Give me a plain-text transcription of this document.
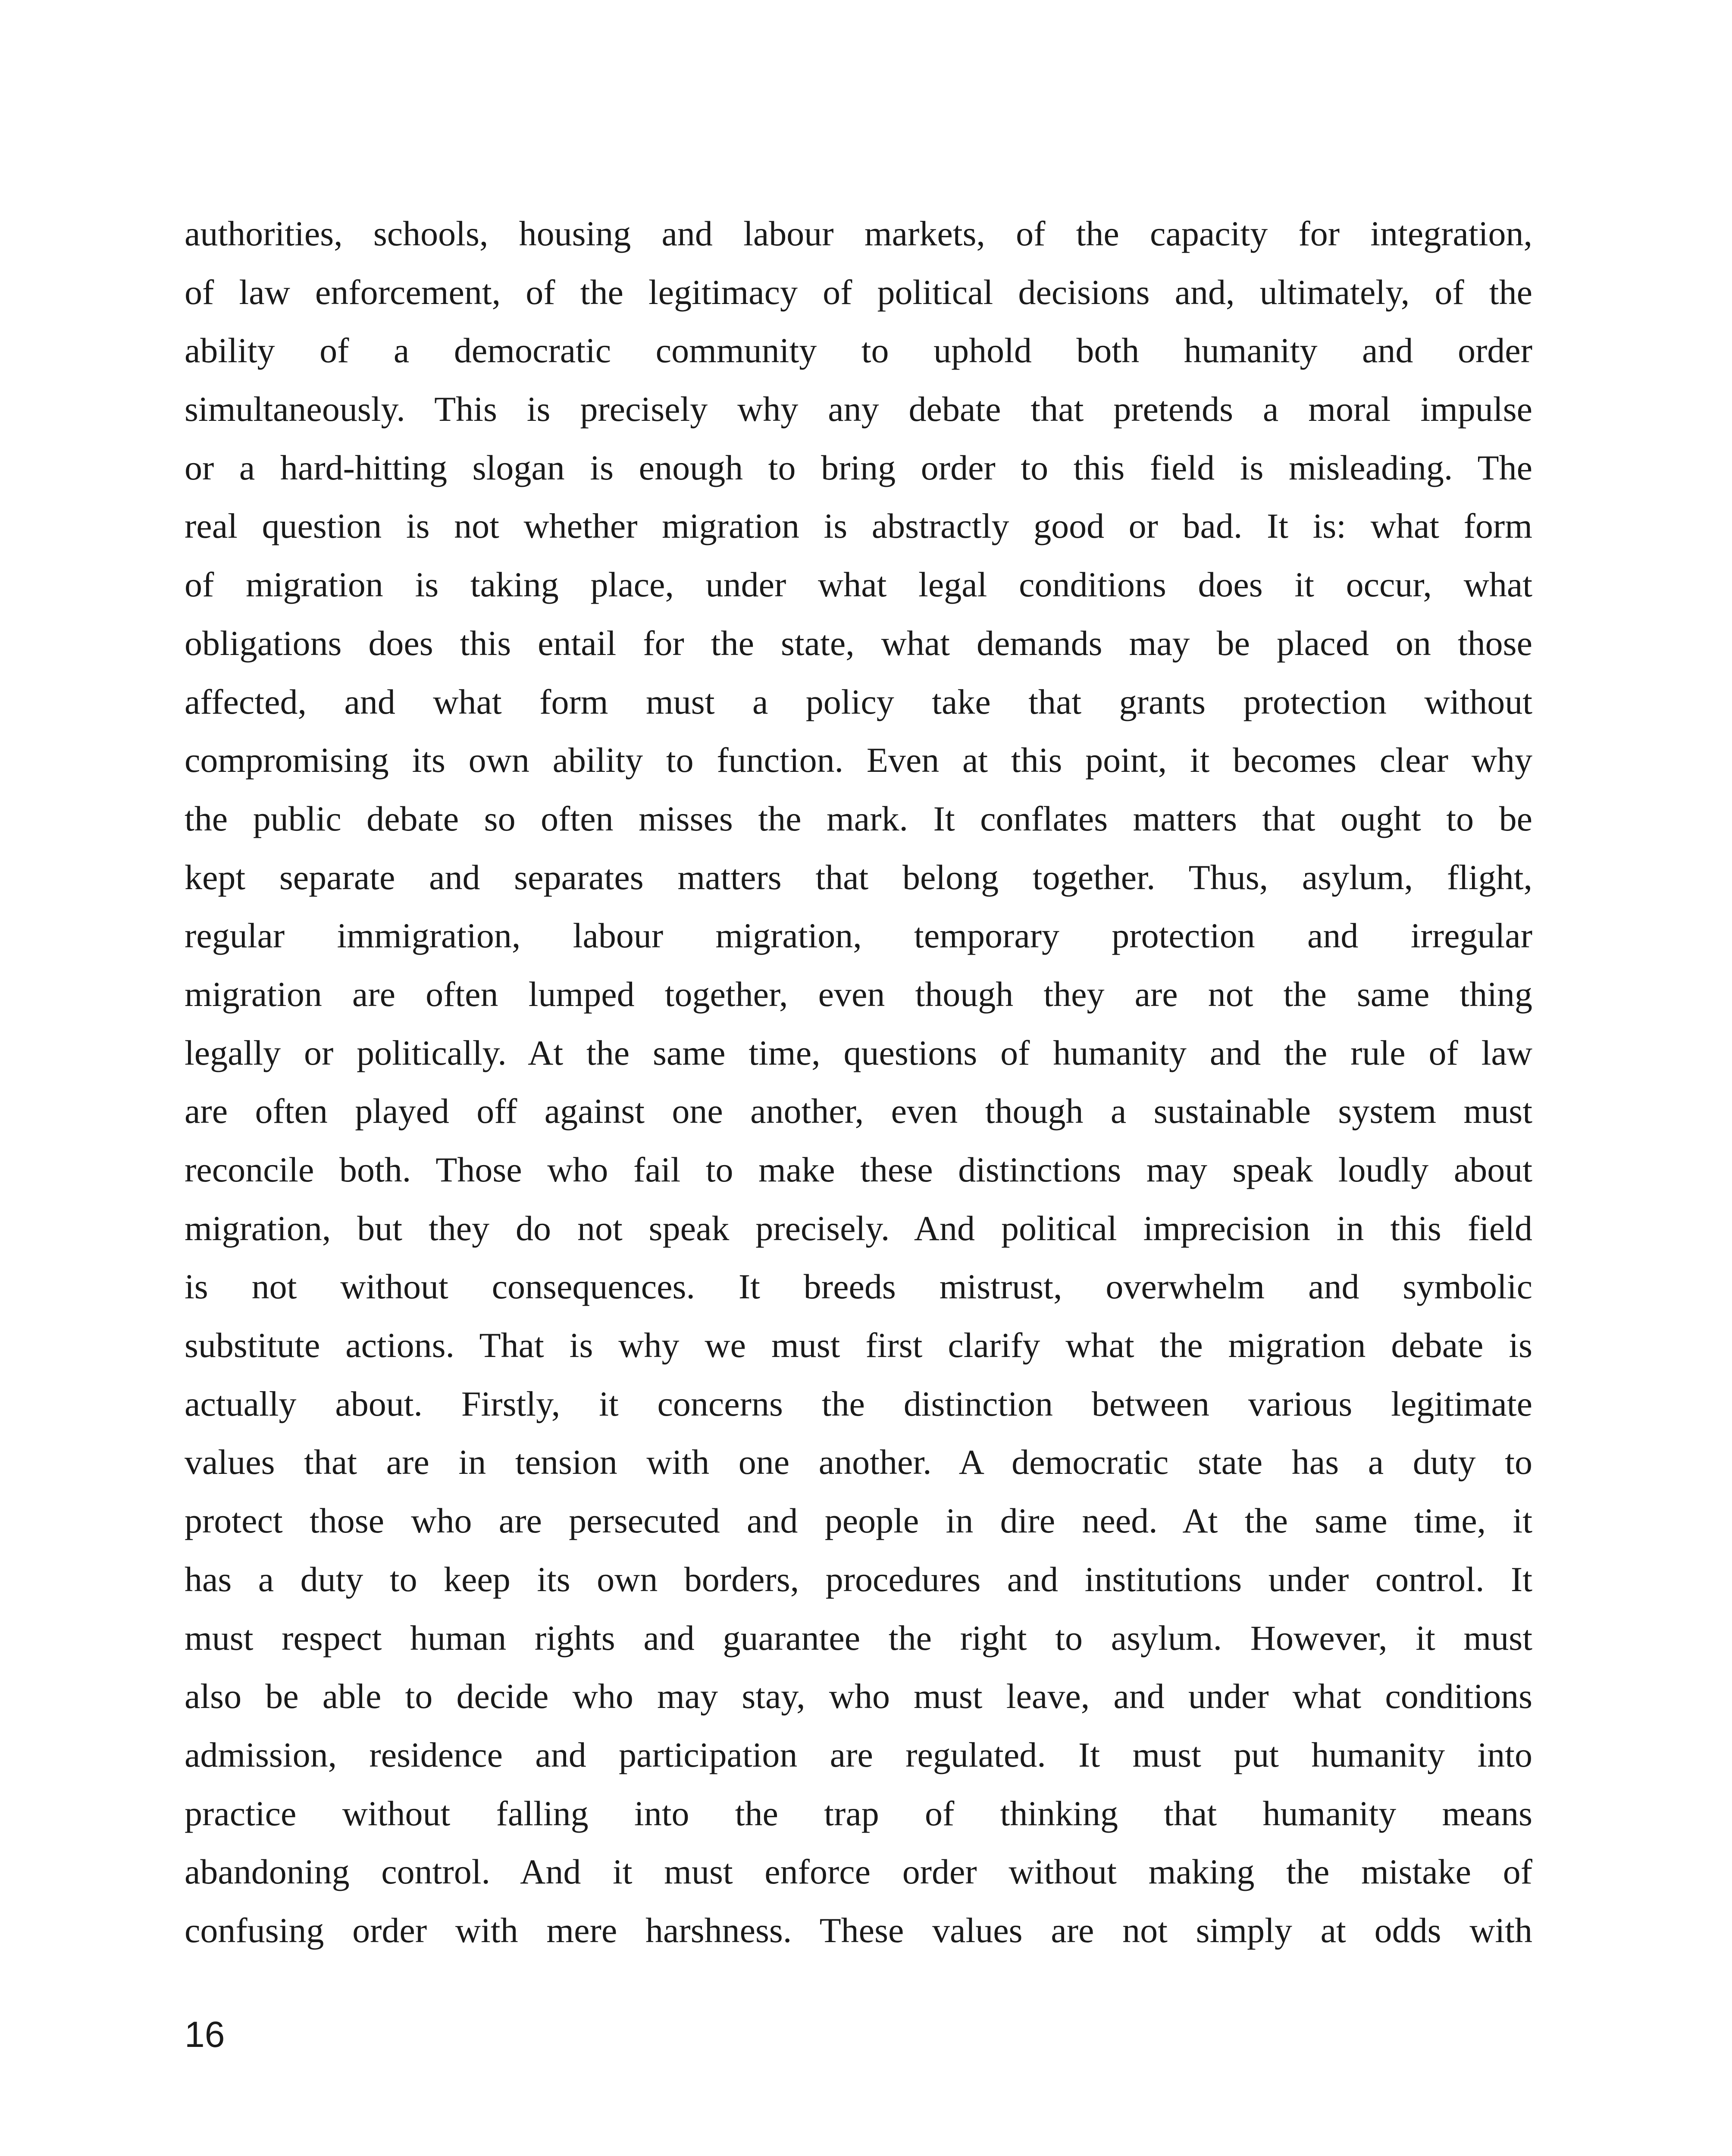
authorities, schools, housing and labour markets, of the capacity for integration,
of law enforcement, of the legitimacy of political decisions and, ultimately, of the
ability of a democratic community to uphold both humanity and order
simultaneously. This is precisely why any debate that pretends a moral impulse
or a hard-hitting slogan is enough to bring order to this field is misleading. The
real question is not whether migration is abstractly good or bad. It is: what form
of migration is taking place, under what legal conditions does it occur, what
obligations does this entail for the state, what demands may be placed on those
affected, and what form must a policy take that grants protection without
compromising its own ability to function. Even at this point, it becomes clear why
the public debate so often misses the mark. It conflates matters that ought to be
kept separate and separates matters that belong together. Thus, asylum, flight,
regular immigration, labour migration, temporary protection and irregular
migration are often lumped together, even though they are not the same thing
legally or politically. At the same time, questions of humanity and the rule of law
are often played off against one another, even though a sustainable system must
reconcile both. Those who fail to make these distinctions may speak loudly about
migration, but they do not speak precisely. And political imprecision in this field
is not without consequences. It breeds mistrust, overwhelm and symbolic
substitute actions. That is why we must first clarify what the migration debate is
actually about. Firstly, it concerns the distinction between various legitimate
values that are in tension with one another. A democratic state has a duty to
protect those who are persecuted and people in dire need. At the same time, it
has a duty to keep its own borders, procedures and institutions under control. It
must respect human rights and guarantee the right to asylum. However, it must
also be able to decide who may stay, who must leave, and under what conditions
admission, residence and participation are regulated. It must put humanity into
practice without falling into the trap of thinking that humanity means
abandoning control. And it must enforce order without making the mistake of
confusing order with mere harshness. These values are not simply at odds with
16
